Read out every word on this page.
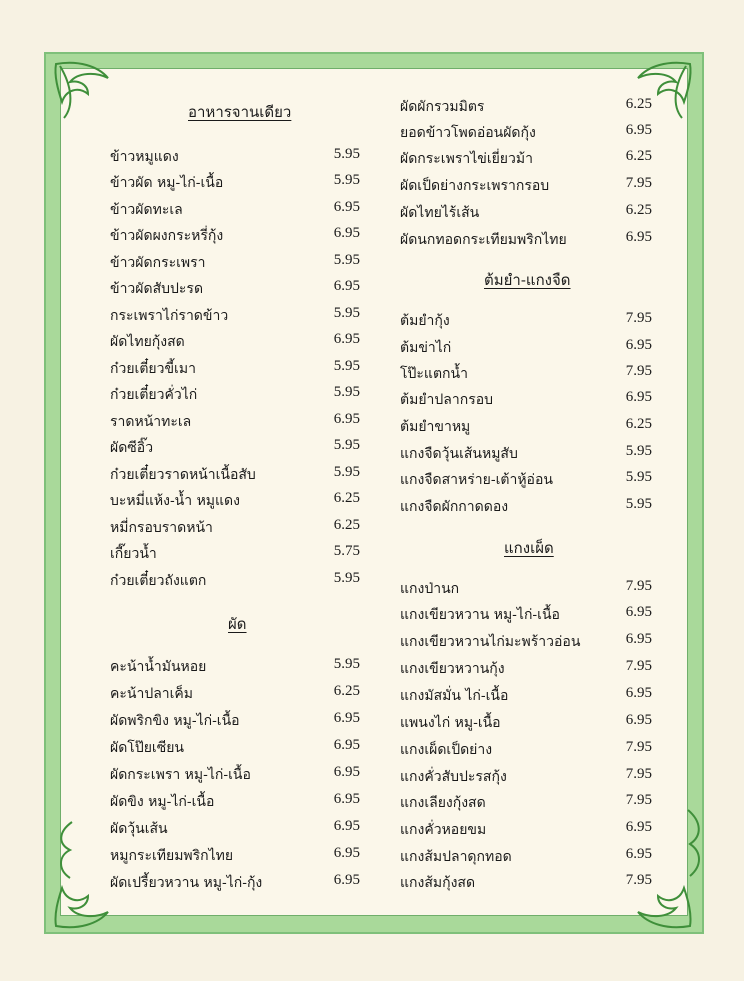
อาหารจานเดียว
ข้าวหมูแดง	5.95
ข้าวผัด หมู-ไก่-เนื้อ	5.95
ข้าวผัดทะเล	6.95
ข้าวผัดผงกระหรี่กุ้ง	6.95
ข้าวผัดกระเพรา	5.95
ข้าวผัดสับปะรด	6.95
กระเพราไก่ราดข้าว	5.95
ผัดไทยกุ้งสด	6.95
ก๋วยเตี๋ยวขี้เมา	5.95
ก๋วยเตี๋ยวคั่วไก่	5.95
ราดหน้าทะเล	6.95
ผัดซีอิ๊ว	5.95
ก๋วยเตี๋ยวราดหน้าเนื้อสับ	5.95
บะหมี่แห้ง-น้ำ หมูแดง	6.25
หมี่กรอบราดหน้า	6.25
เกี๊ยวน้ำ	5.75
ก๋วยเตี๋ยวถังแตก	5.95
ผัด
คะน้าน้ำมันหอย	5.95
คะน้าปลาเค็ม	6.25
ผัดพริกขิง หมู-ไก่-เนื้อ	6.95
ผัดโป๊ยเซียน	6.95
ผัดกระเพรา หมู-ไก่-เนื้อ	6.95
ผัดขิง หมู-ไก่-เนื้อ	6.95
ผัดวุ้นเส้น	6.95
หมูกระเทียมพริกไทย	6.95
ผัดเปรี้ยวหวาน หมู-ไก่-กุ้ง	6.95
ผัดผักรวมมิตร	6.25
ยอดข้าวโพดอ่อนผัดกุ้ง	6.95
ผัดกระเพราไข่เยี่ยวม้า	6.25
ผัดเป็ดย่างกระเพรากรอบ	7.95
ผัดไทยไร้เส้น	6.25
ผัดนกทอดกระเทียมพริกไทย	6.95
ต้มยำ-แกงจืด
ต้มยำกุ้ง	7.95
ต้มข่าไก่	6.95
โป๊ะแตกน้ำ	7.95
ต้มยำปลากรอบ	6.95
ต้มยำขาหมู	6.25
แกงจืดวุ้นเส้นหมูสับ	5.95
แกงจืดสาหร่าย-เต้าหู้อ่อน	5.95
แกงจืดผักกาดดอง	5.95
แกงเผ็ด
แกงป่านก	7.95
แกงเขียวหวาน หมู-ไก่-เนื้อ	6.95
แกงเขียวหวานไก่มะพร้าวอ่อน	6.95
แกงเขียวหวานกุ้ง	7.95
แกงมัสมั่น ไก่-เนื้อ	6.95
แพนงไก่ หมู-เนื้อ	6.95
แกงเผ็ดเป็ดย่าง	7.95
แกงคั่วสับปะรสกุ้ง	7.95
แกงเลียงกุ้งสด	7.95
แกงคั่วหอยขม	6.95
แกงส้มปลาดุกทอด	6.95
แกงส้มกุ้งสด	7.95
